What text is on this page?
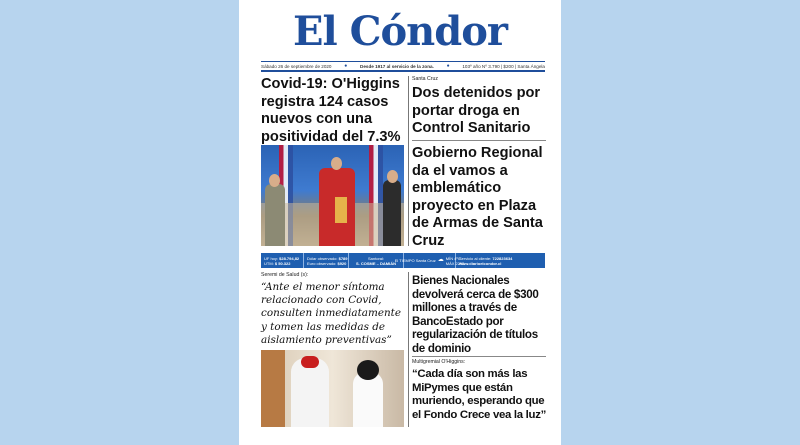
El Cóndor
Sábado 26 de septiembre de 2020	●	Desde 1917 al servicio de la zona.	●	103º año Nº 3.790 | $200 | Santa Ángela
Covid-19: O'Higgins registra 124 casos nuevos con una positividad del 7.3%
Santa Cruz
Dos detenidos por portar droga en Control Sanitario
Gobierno Regional da el vamos a emblemático proyecto en Plaza de Armas de Santa Cruz
UF hoy: $28.794,82
UTM: $ 50.322
Dólar observado: $789
Euro observado: $920
Santoral:
S. COSME – DAMIÁN
El TIEMPO Santa Cruz ☁ MÍN 4ºC
MÁX 22ºC
Servicio al cliente: 722823634
www.diarioelcondor.cl
Seremi de Salud (s):
“Ante el menor síntoma relacionado con Covid, consulten inmediatamente y tomen las medidas de aislamiento preventivas”
Bienes Nacionales devolverá cerca de $300 millones a través de BancoEstado por regularización de títulos de dominio
Multigremial O'Higgins:
“Cada día son más las MiPymes que están muriendo, esperando que el Fondo Crece vea la luz”
